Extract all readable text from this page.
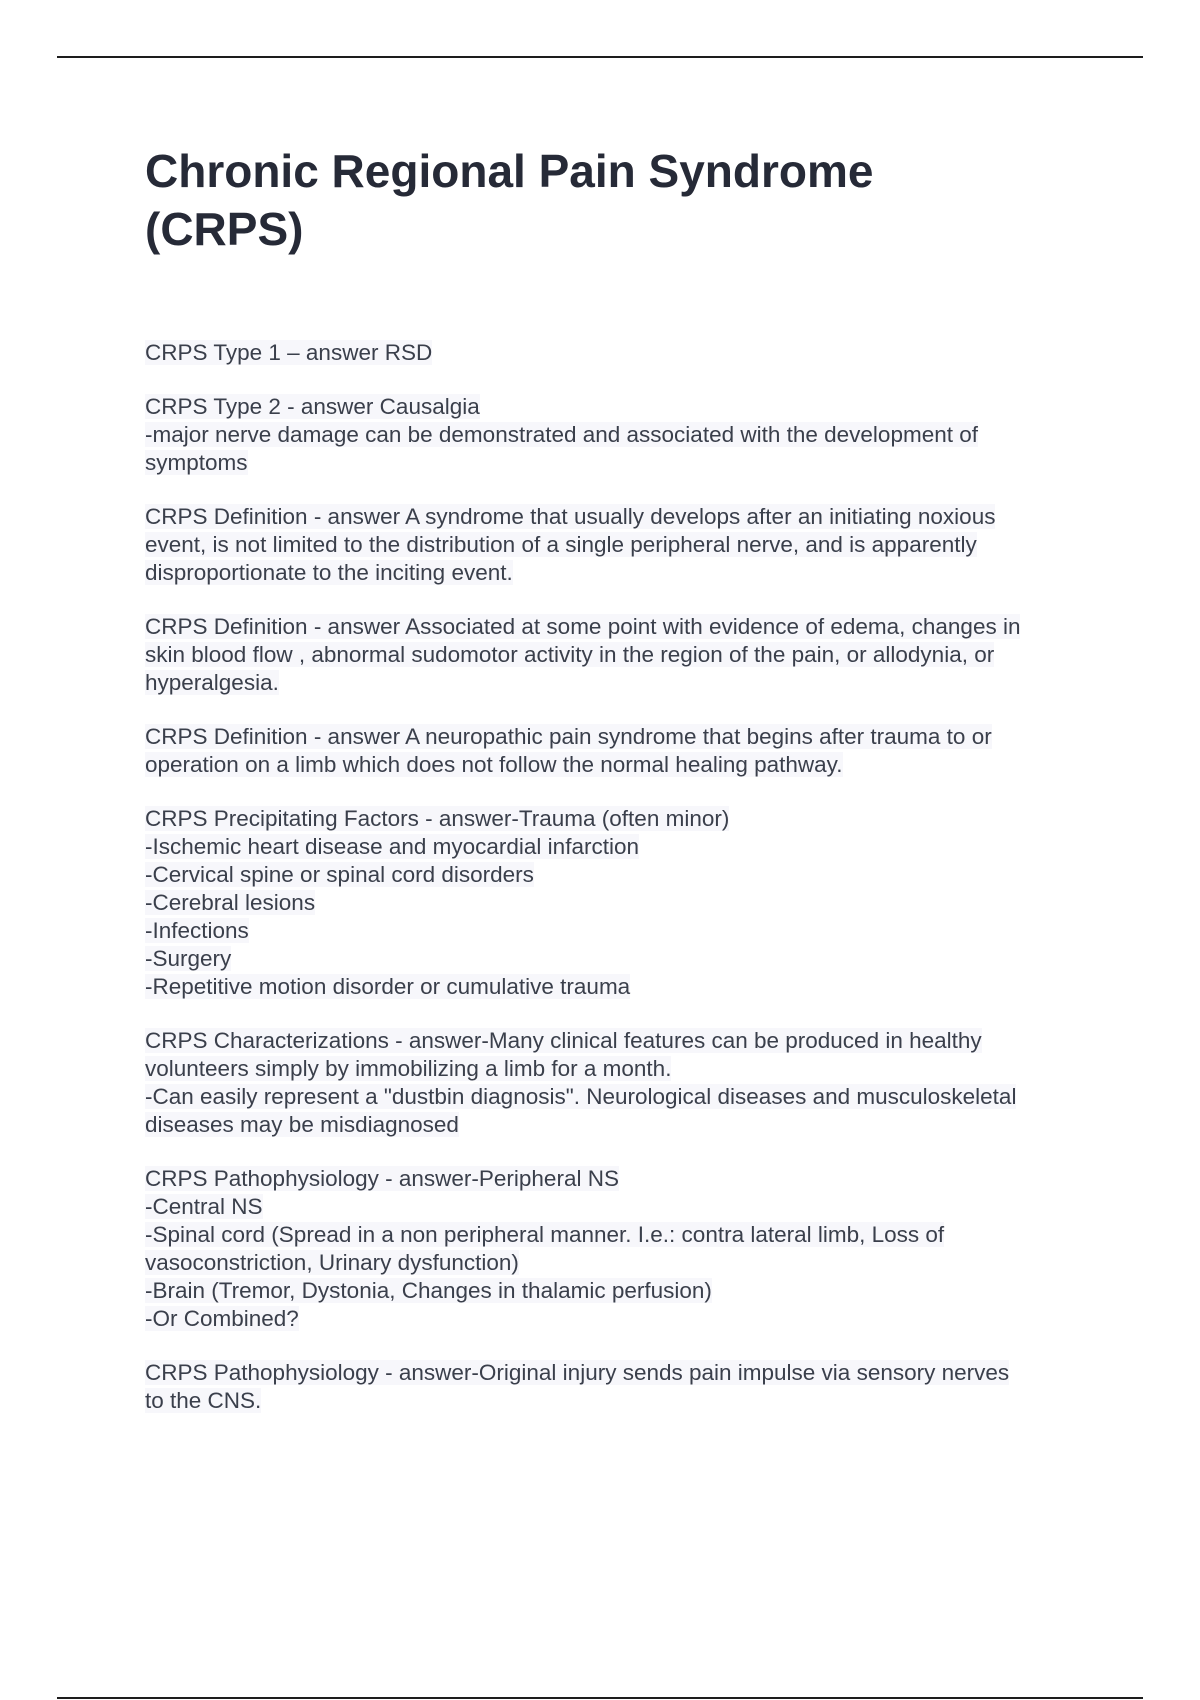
Chronic Regional Pain Syndrome
(CRPS)

CRPS Type 1 – answer RSD

CRPS Type 2 - answer Causalgia
-major nerve damage can be demonstrated and associated with the development of
symptoms

CRPS Definition - answer A syndrome that usually develops after an initiating noxious
event, is not limited to the distribution of a single peripheral nerve, and is apparently
disproportionate to the inciting event.

CRPS Definition - answer Associated at some point with evidence of edema, changes in
skin blood flow , abnormal sudomotor activity in the region of the pain, or allodynia, or
hyperalgesia.

CRPS Definition - answer A neuropathic pain syndrome that begins after trauma to or
operation on a limb which does not follow the normal healing pathway.

CRPS Precipitating Factors - answer-Trauma (often minor)
-Ischemic heart disease and myocardial infarction
-Cervical spine or spinal cord disorders
-Cerebral lesions
-Infections
-Surgery
-Repetitive motion disorder or cumulative trauma

CRPS Characterizations - answer-Many clinical features can be produced in healthy
volunteers simply by immobilizing a limb for a month.
-Can easily represent a "dustbin diagnosis". Neurological diseases and musculoskeletal
diseases may be misdiagnosed

CRPS Pathophysiology - answer-Peripheral NS
-Central NS
-Spinal cord (Spread in a non peripheral manner. I.e.: contra lateral limb, Loss of
vasoconstriction, Urinary dysfunction)
-Brain (Tremor, Dystonia, Changes in thalamic perfusion)
-Or Combined?

CRPS Pathophysiology - answer-Original injury sends pain impulse via sensory nerves
to the CNS.
